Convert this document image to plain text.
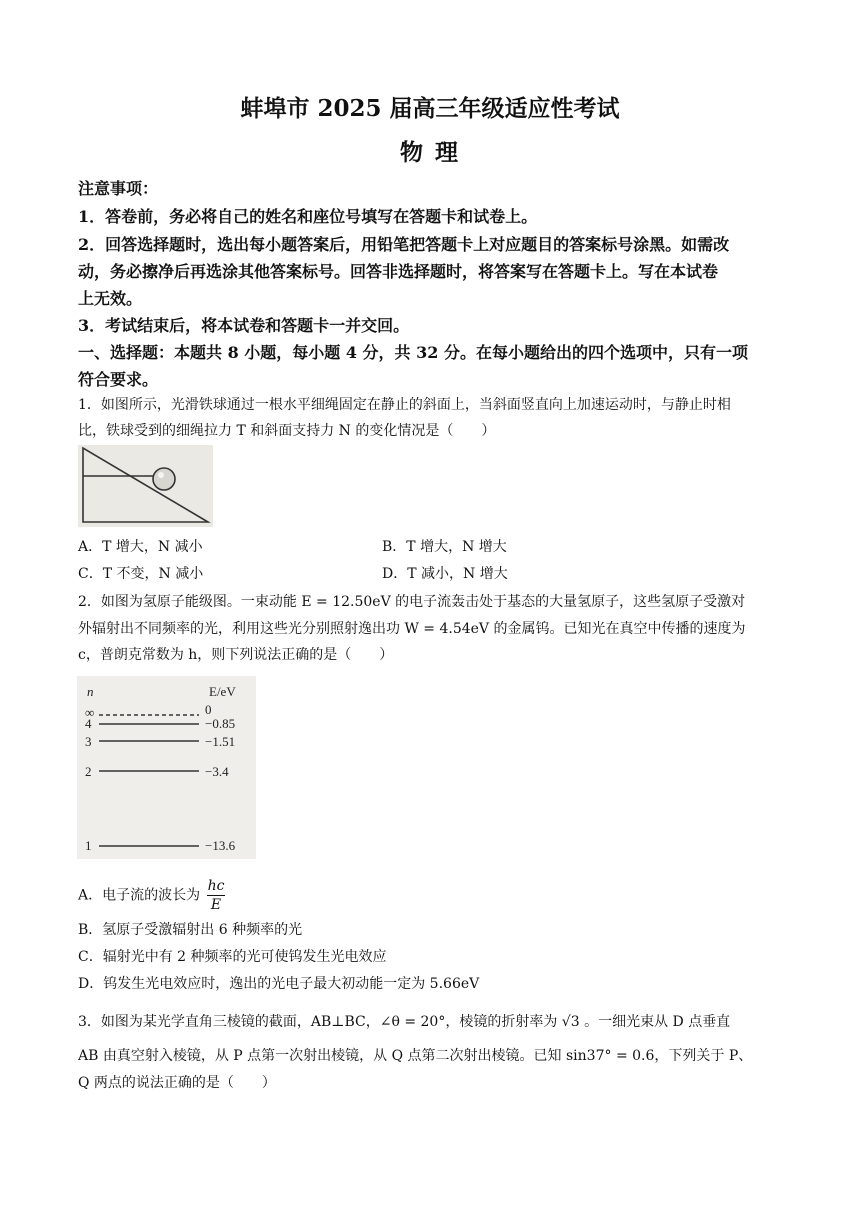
蚌埠市 2025 届高三年级适应性考试
物 理
注意事项：
1．答卷前，务必将自己的姓名和座位号填写在答题卡和试卷上。
2．回答选择题时，选出每小题答案后，用铅笔把答题卡上对应题目的答案标号涂黑。如需改
动，务必擦净后再选涂其他答案标号。回答非选择题时，将答案写在答题卡上。写在本试卷
上无效。
3．考试结束后，将本试卷和答题卡一并交回。
一、选择题：本题共 8 小题，每小题 4 分，共 32 分。在每小题给出的四个选项中，只有一项
符合要求。
1．如图所示，光滑铁球通过一根水平细绳固定在静止的斜面上，当斜面竖直向上加速运动时，与静止时相
比，铁球受到的细绳拉力 T 和斜面支持力 N 的变化情况是（　　）
A．T 增大，N 减小	B．T 增大，N 增大
C．T 不变，N 减小	D．T 减小，N 增大
2．如图为氢原子能级图。一束动能 E = 12.50eV 的电子流轰击处于基态的大量氢原子，这些氢原子受激对
外辐射出不同频率的光，利用这些光分别照射逸出功 W = 4.54eV 的金属钨。已知光在真空中传播的速度为
c，普朗克常数为 h，则下列说法正确的是（　　）
n	E/eV
∞	0
4	−0.85
3	−1.51
2	−3.4
1	−13.6
A．电子流的波长为 $\frac{hc}{E}$
B．氢原子受激辐射出 6 种频率的光
C．辐射光中有 2 种频率的光可使钨发生光电效应
D．钨发生光电效应时，逸出的光电子最大初动能一定为 5.66eV
3．如图为某光学直角三棱镜的截面，AB⊥BC，∠θ = 20°，棱镜的折射率为 √3 。一细光束从 D 点垂直
AB 由真空射入棱镜，从 P 点第一次射出棱镜，从 Q 点第二次射出棱镜。已知 sin37° = 0.6，下列关于 P、
Q 两点的说法正确的是（　　）
